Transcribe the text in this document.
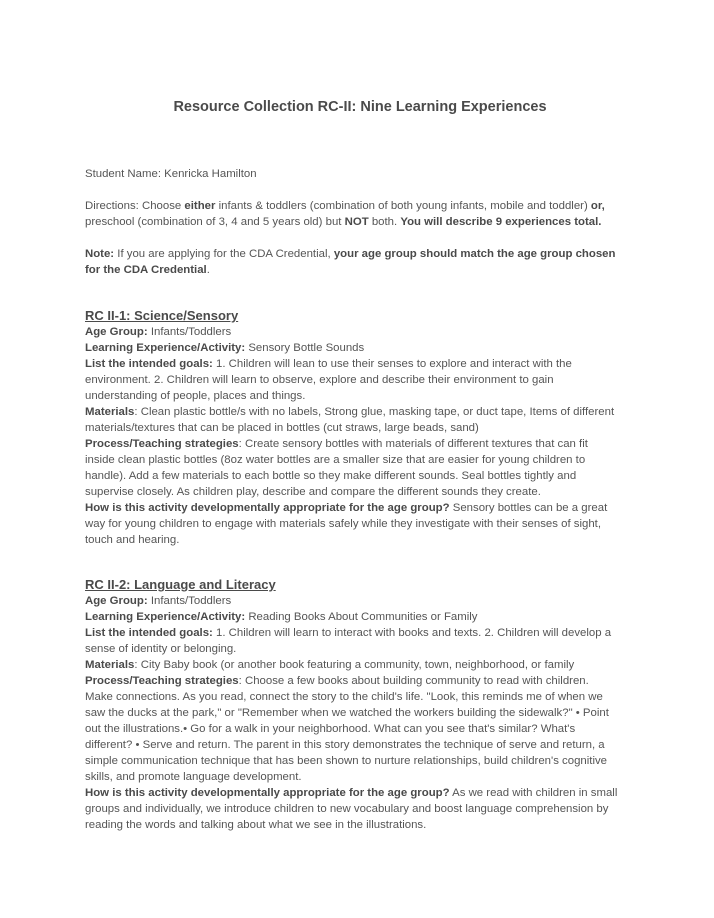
Resource Collection RC-II: Nine Learning Experiences

Student Name: Kenricka Hamilton

Directions: Choose either infants & toddlers (combination of both young infants, mobile and toddler) or,
preschool (combination of 3, 4 and 5 years old) but NOT both. You will describe 9 experiences total.

Note: If you are applying for the CDA Credential, your age group should match the age group chosen
for the CDA Credential.

RC II-1: Science/Sensory
Age Group: Infants/Toddlers
Learning Experience/Activity: Sensory Bottle Sounds
List the intended goals: 1. Children will lean to use their senses to explore and interact with the
environment. 2. Children will learn to observe, explore and describe their environment to gain
understanding of people, places and things.
Materials: Clean plastic bottle/s with no labels, Strong glue, masking tape, or duct tape, Items of different
materials/textures that can be placed in bottles (cut straws, large beads, sand)
Process/Teaching strategies: Create sensory bottles with materials of different textures that can fit
inside clean plastic bottles (8oz water bottles are a smaller size that are easier for young children to
handle). Add a few materials to each bottle so they make different sounds. Seal bottles tightly and
supervise closely. As children play, describe and compare the different sounds they create.
How is this activity developmentally appropriate for the age group? Sensory bottles can be a great
way for young children to engage with materials safely while they investigate with their senses of sight,
touch and hearing.
RC II-2: Language and Literacy
Age Group: Infants/Toddlers
Learning Experience/Activity: Reading Books About Communities or Family
List the intended goals: 1. Children will learn to interact with books and texts. 2. Children will develop a
sense of identity or belonging.
Materials: City Baby book (or another book featuring a community, town, neighborhood, or family
Process/Teaching strategies: Choose a few books about building community to read with children.
Make connections. As you read, connect the story to the child's life. "Look, this reminds me of when we
saw the ducks at the park," or "Remember when we watched the workers building the sidewalk?" • Point
out the illustrations.• Go for a walk in your neighborhood. What can you see that's similar? What's
different? • Serve and return. The parent in this story demonstrates the technique of serve and return, a
simple communication technique that has been shown to nurture relationships, build children's cognitive
skills, and promote language development.
How is this activity developmentally appropriate for the age group? As we read with children in small
groups and individually, we introduce children to new vocabulary and boost language comprehension by
reading the words and talking about what we see in the illustrations.
